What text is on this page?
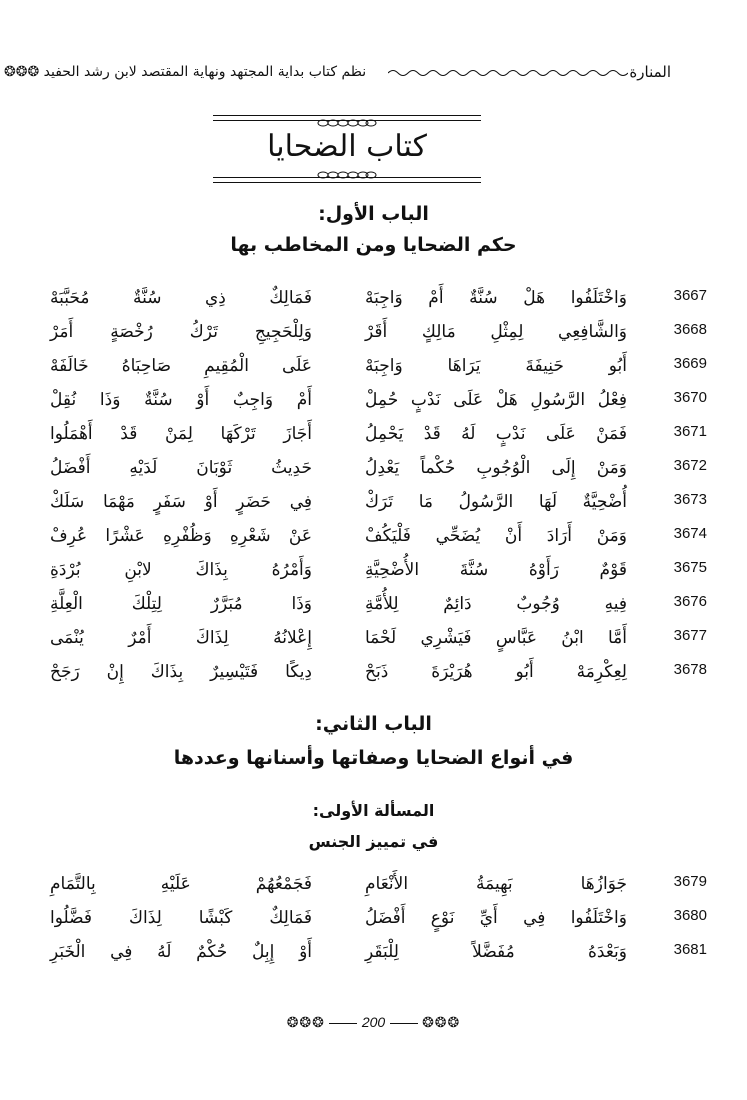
نظم كتاب بداية المجتهد ونهاية المقتصد لابن رشد الحفيد ❂❂❂	المنارة
كتاب الضحايا
الباب الأول:
حكم الضحايا ومن المخاطب بها
3667
وَاخْتَلَفُوا هَلْ سُنَّةٌ أَمْ وَاجِبَهْ
فَمَالِكٌ ذِي سُنَّةٌ مُحَبَّبَهْ
3668
وَالشَّافِعِي لِمِثْلِ مَالِكٍ أَقَرْ
وَلِلْحَجِيجِ تَرْكُ رُخْصَةٍ أَمَرْ
3669
أَبُو حَنِيفَةَ يَرَاهَا وَاجِبَهْ
عَلَى الْمُقِيمِ صَاحِبَاهُ خَالَفَهْ
3670
فِعْلُ الرَّسُولِ هَلْ عَلَى نَدْبٍ حُمِلْ
أَمْ وَاجِبٌ أَوْ سُنَّةٌ وَذَا نُقِلْ
3671
فَمَنْ عَلَى نَدْبٍ لَهُ قَدْ يَحْمِلُ
أَجَازَ تَرْكَهَا لِمَنْ قَدْ أَهْمَلُوا
3672
وَمَنْ إِلَى الْوُجُوبِ حُكْماً يَعْدِلُ
حَدِيثُ ثَوْبَانَ لَدَيْهِ أَفْضَلُ
3673
أُضْحِيَّةٌ لَهَا الرَّسُولُ مَا تَرَكْ
فِي حَضَرٍ أَوْ سَفَرٍ مَهْمَا سَلَكْ
3674
وَمَنْ أَرَادَ أَنْ يُضَحِّي فَلْيَكُفْ
عَنْ شَعْرِهِ وَظُفْرِهِ عَشْرًا عُرِفْ
3675
قَوْمٌ رَأَوْهُ سُنَّةَ الأُضْحِيَّةِ
وَأَمْرُهُ بِذَاكَ لابْنِ بُرْدَةِ
3676
فِيهِ وُجُوبٌ دَائِمٌ لِلأُمَّةِ
وَذَا مُبَرَّرٌ لِتِلْكَ الْعِلَّةِ
3677
أَمَّا ابْنُ عَبَّاسٍ فَيَشْرِي لَحْمَا
إِعْلانُهُ لِذَاكَ أَمْرٌ يُنْمَى
3678
لِعِكْرِمَهْ أَبُو هُرَيْرَةَ ذَبَحْ
دِيكًا فَتَيْسِيرٌ بِذَاكَ إِنْ رَجَحْ
الباب الثاني:
في أنواع الضحايا وصفاتها وأسنانها وعددها
المسألة الأولى:
في تمييز الجنس
3679
جَوَازُهَا بَهِيمَةُ الأَنْعَامِ
فَجَمْعُهُمْ عَلَيْهِ بِالتَّمَامِ
3680
وَاخْتَلَفُوا فِي أَيِّ نَوْعٍ أَفْضَلُ
فَمَالِكٌ كَبْشًا لِذَاكَ فَضَّلُوا
3681
وَبَعْدَهُ مُفَضَّلاً لِلْبَقَرِ
أَوْ إِبِلٌ حُكْمٌ لَهُ فِي الْخَبَرِ
❂❂❂	200	❂❂❂
